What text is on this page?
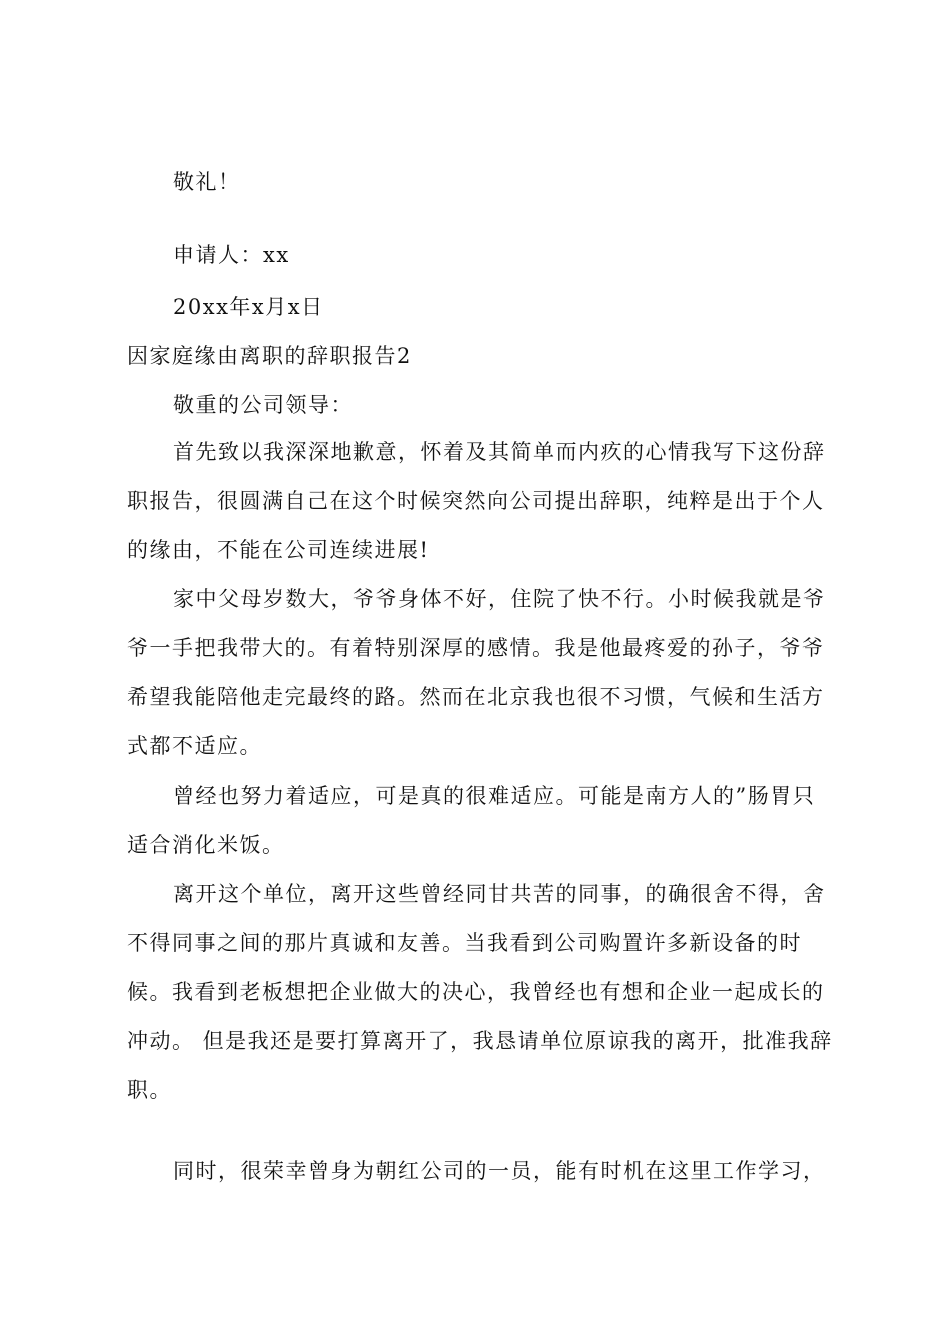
敬礼！

申请人：xx

20xx年x月x日

因家庭缘由离职的辞职报告2

敬重的公司领导：

首先致以我深深地歉意，怀着及其简单而内疚的心情我写下这份辞职报告，很圆满自己在这个时候突然向公司提出辞职，纯粹是出于个人的缘由，不能在公司连续进展!

家中父母岁数大，爷爷身体不好，住院了快不行。小时候我就是爷爷一手把我带大的。有着特别深厚的感情。我是他最疼爱的孙子，爷爷希望我能陪他走完最终的路。然而在北京我也很不习惯，气候和生活方式都不适应。

曾经也努力着适应，可是真的很难适应。可能是南方人的”肠胃只适合消化米饭。

离开这个单位，离开这些曾经同甘共苦的同事，的确很舍不得，舍不得同事之间的那片真诚和友善。当我看到公司购置许多新设备的时候。我看到老板想把企业做大的决心，我曾经也有想和企业一起成长的冲动。 但是我还是要打算离开了，我恳请单位原谅我的离开，批准我辞职。

同时，很荣幸曾身为朝红公司的一员，能有时机在这里工作学习，
